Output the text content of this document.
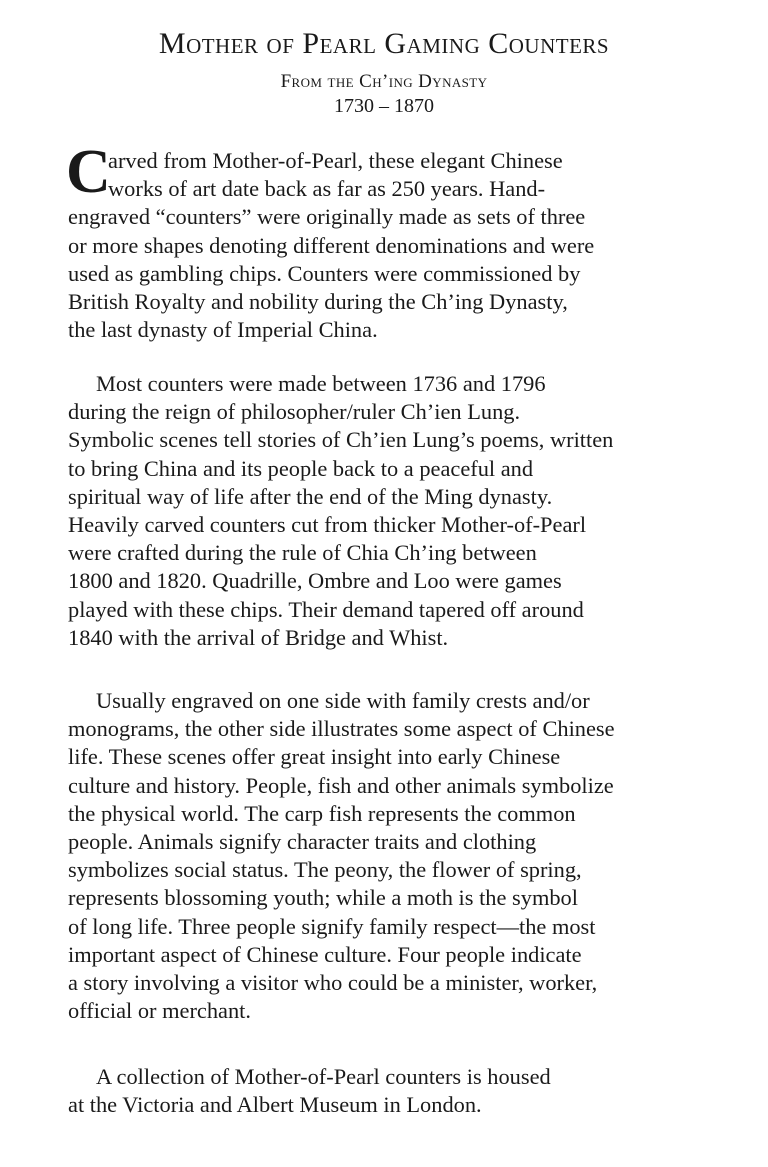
Mother of Pearl Gaming Counters
From the Ch’ing Dynasty
1730 – 1870
C
arved from Mother-of-Pearl, these elegant Chinese
works of art date back as far as 250 years. Hand-
engraved “counters” were originally made as sets of three
or more shapes denoting different denominations and were
used as gambling chips. Counters were commissioned by
British Royalty and nobility during the Ch’ing Dynasty,
the last dynasty of Imperial China.
Most counters were made between 1736 and 1796
during the reign of philosopher/ruler Ch’ien Lung.
Symbolic scenes tell stories of Ch’ien Lung’s poems, written
to bring China and its people back to a peaceful and
spiritual way of life after the end of the Ming dynasty.
Heavily carved counters cut from thicker Mother-of-Pearl
were crafted during the rule of Chia Ch’ing between
1800 and 1820. Quadrille, Ombre and Loo were games
played with these chips. Their demand tapered off around
1840 with the arrival of Bridge and Whist.
Usually engraved on one side with family crests and/or
monograms, the other side illustrates some aspect of Chinese
life. These scenes offer great insight into early Chinese
culture and history. People, fish and other animals symbolize
the physical world. The carp fish represents the common
people. Animals signify character traits and clothing
symbolizes social status. The peony, the flower of spring,
represents blossoming youth; while a moth is the symbol
of long life. Three people signify family respect—the most
important aspect of Chinese culture. Four people indicate
a story involving a visitor who could be a minister, worker,
official or merchant.
A collection of Mother-of-Pearl counters is housed
at the Victoria and Albert Museum in London.
